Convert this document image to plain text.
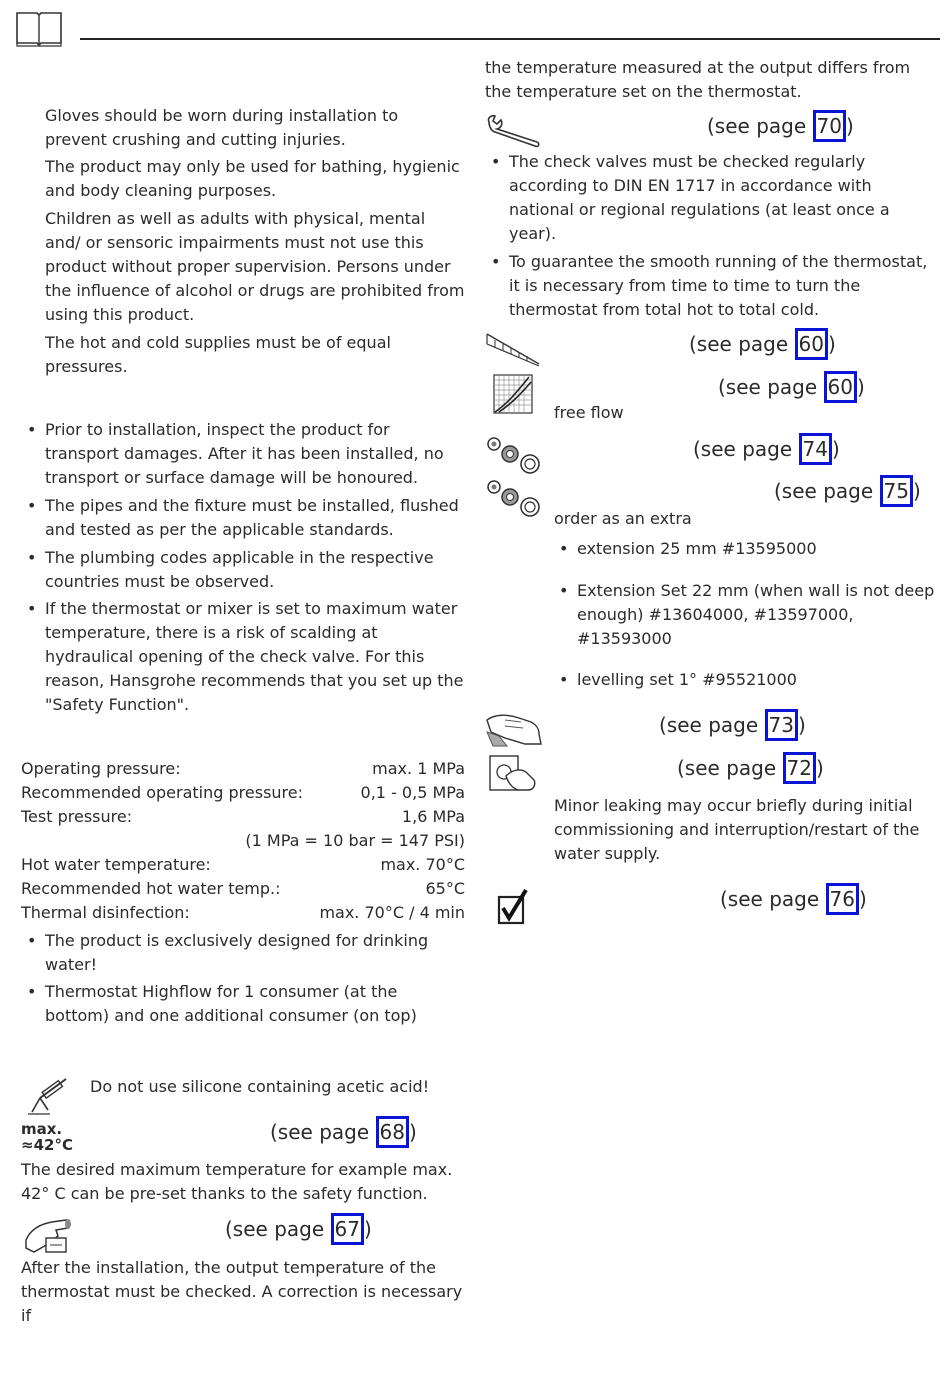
Gloves should be worn during installation to prevent crushing and cutting injuries.

The product may only be used for bathing, hygienic and body cleaning purposes.

Children as well as adults with physical, mental and/ or sensoric impairments must not use this product without proper supervision. Persons under the influence of alcohol or drugs are prohibited from using this product.

The hot and cold supplies must be of equal pressures.

• Prior to installation, inspect the product for transport damages. After it has been installed, no transport or surface damage will be honoured.
• The pipes and the fixture must be installed, flushed and tested as per the applicable standards.
• The plumbing codes applicable in the respective countries must be observed.
• If the thermostat or mixer is set to maximum water temperature, there is a risk of scalding at hydraulical opening of the check valve. For this reason, Hansgrohe recommends that you set up the "Safety Function".
Operating pressure:	max. 1 MPa
Recommended operating pressure:	0,1 - 0,5 MPa
Test pressure:	1,6 MPa
(1 MPa = 10 bar = 147 PSI)
Hot water temperature:	max. 70°C
Recommended hot water temp.:	65°C
Thermal disinfection:	max. 70°C / 4 min
• The product is exclusively designed for drinking water!
• Thermostat Highflow for 1 consumer (at the bottom) and one additional consumer (on top)
Do not use silicone containing acetic acid!
max.
≈42°C
(see page 68 )

The desired maximum temperature for example max. 42° C can be pre-set thanks to the safety function.

(see page 67 )

After the installation, the output temperature of the thermostat must be checked. A correction is necessary if

the temperature measured at the output differs from the temperature set on the thermostat.

(see page 70 )
• The check valves must be checked regularly according to DIN EN 1717 in accordance with national or regional regulations (at least once a year).
• To guarantee the smooth running of the thermostat, it is necessary from time to time to turn the thermostat from total hot to total cold.
(see page 60 )
(see page 60 )
free flow
(see page 74 )
(see page 75 )
order as an extra
• extension 25 mm #13595000
• Extension Set 22 mm (when wall is not deep enough) #13604000, #13597000, #13593000
• levelling set 1° #95521000
(see page 73 )
(see page 72 )

Minor leaking may occur briefly during initial commissioning and interruption/restart of the water supply.

(see page 76 )
